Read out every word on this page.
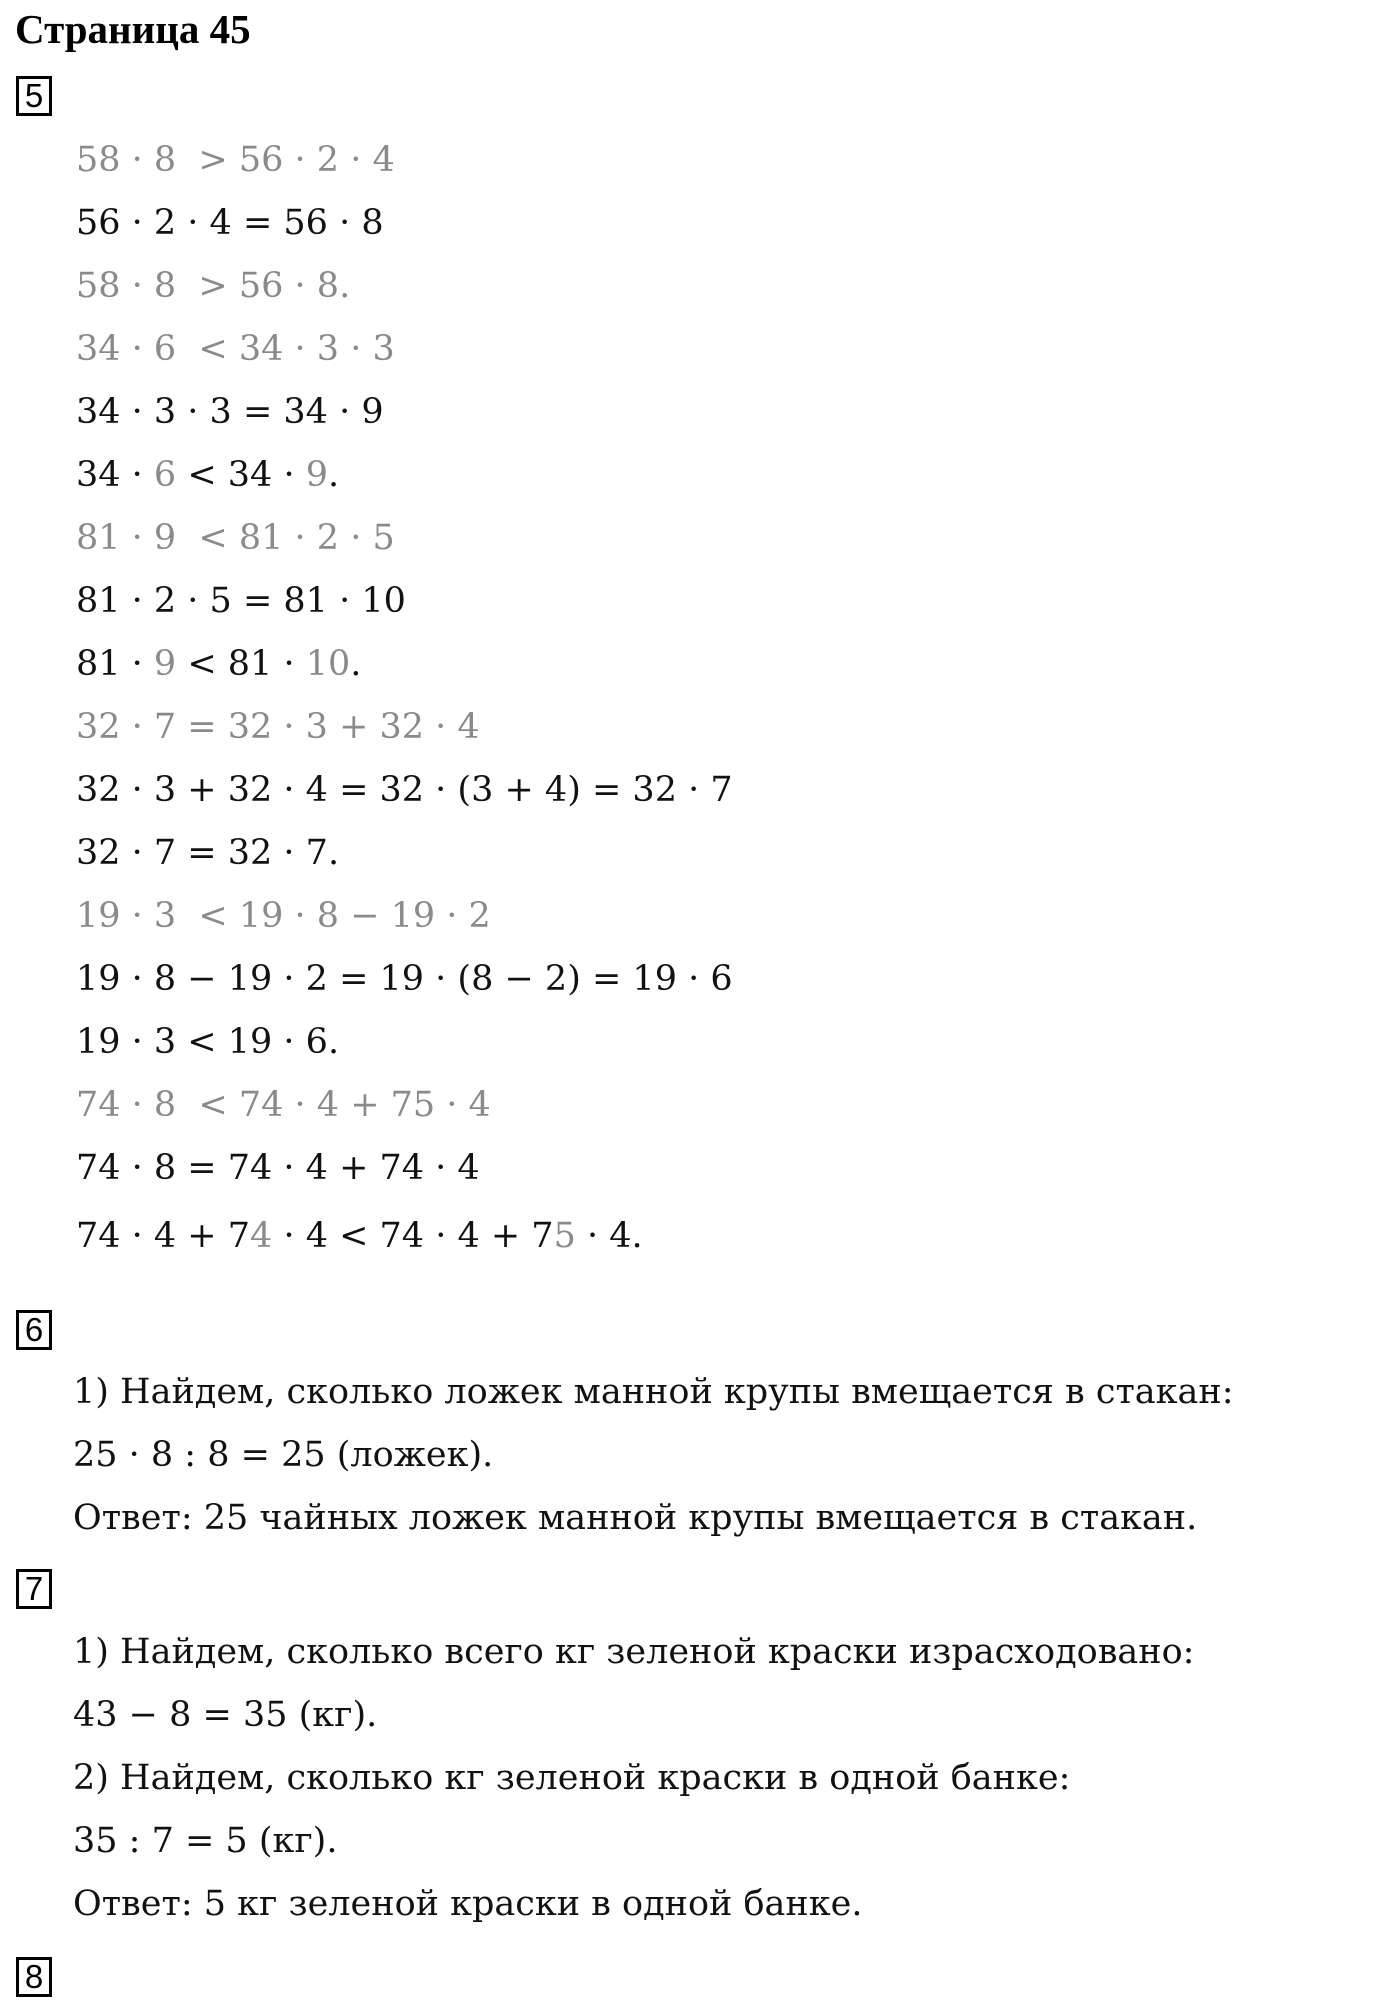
Страница 45
5
58 · 8  > 56 · 2 · 4
56 · 2 · 4 = 56 · 8
58 · 8  > 56 · 8.
34 · 6  < 34 · 3 · 3
34 · 3 · 3 = 34 · 9
34 · 6 < 34 · 9.
81 · 9  < 81 · 2 · 5
81 · 2 · 5 = 81 · 10
81 · 9 < 81 · 10.
32 · 7 = 32 · 3 + 32 · 4
32 · 3 + 32 · 4 = 32 · (3 + 4) = 32 · 7
32 · 7 = 32 · 7.
19 · 3  < 19 · 8 − 19 · 2
19 · 8 − 19 · 2 = 19 · (8 − 2) = 19 · 6
19 · 3 < 19 · 6.
74 · 8  < 74 · 4 + 75 · 4
74 · 8 = 74 · 4 + 74 · 4
74 · 4 + 74 · 4 < 74 · 4 + 75 · 4.
6
1) Найдем, сколько ложек манной крупы вмещается в стакан:
25 · 8 : 8 = 25 (ложек).
Ответ: 25 чайных ложек манной крупы вмещается в стакан.
7
1) Найдем, сколько всего кг зеленой краски израсходовано:
43 − 8 = 35 (кг).
2) Найдем, сколько кг зеленой краски в одной банке:
35 : 7 = 5 (кг).
Ответ: 5 кг зеленой краски в одной банке.
8
